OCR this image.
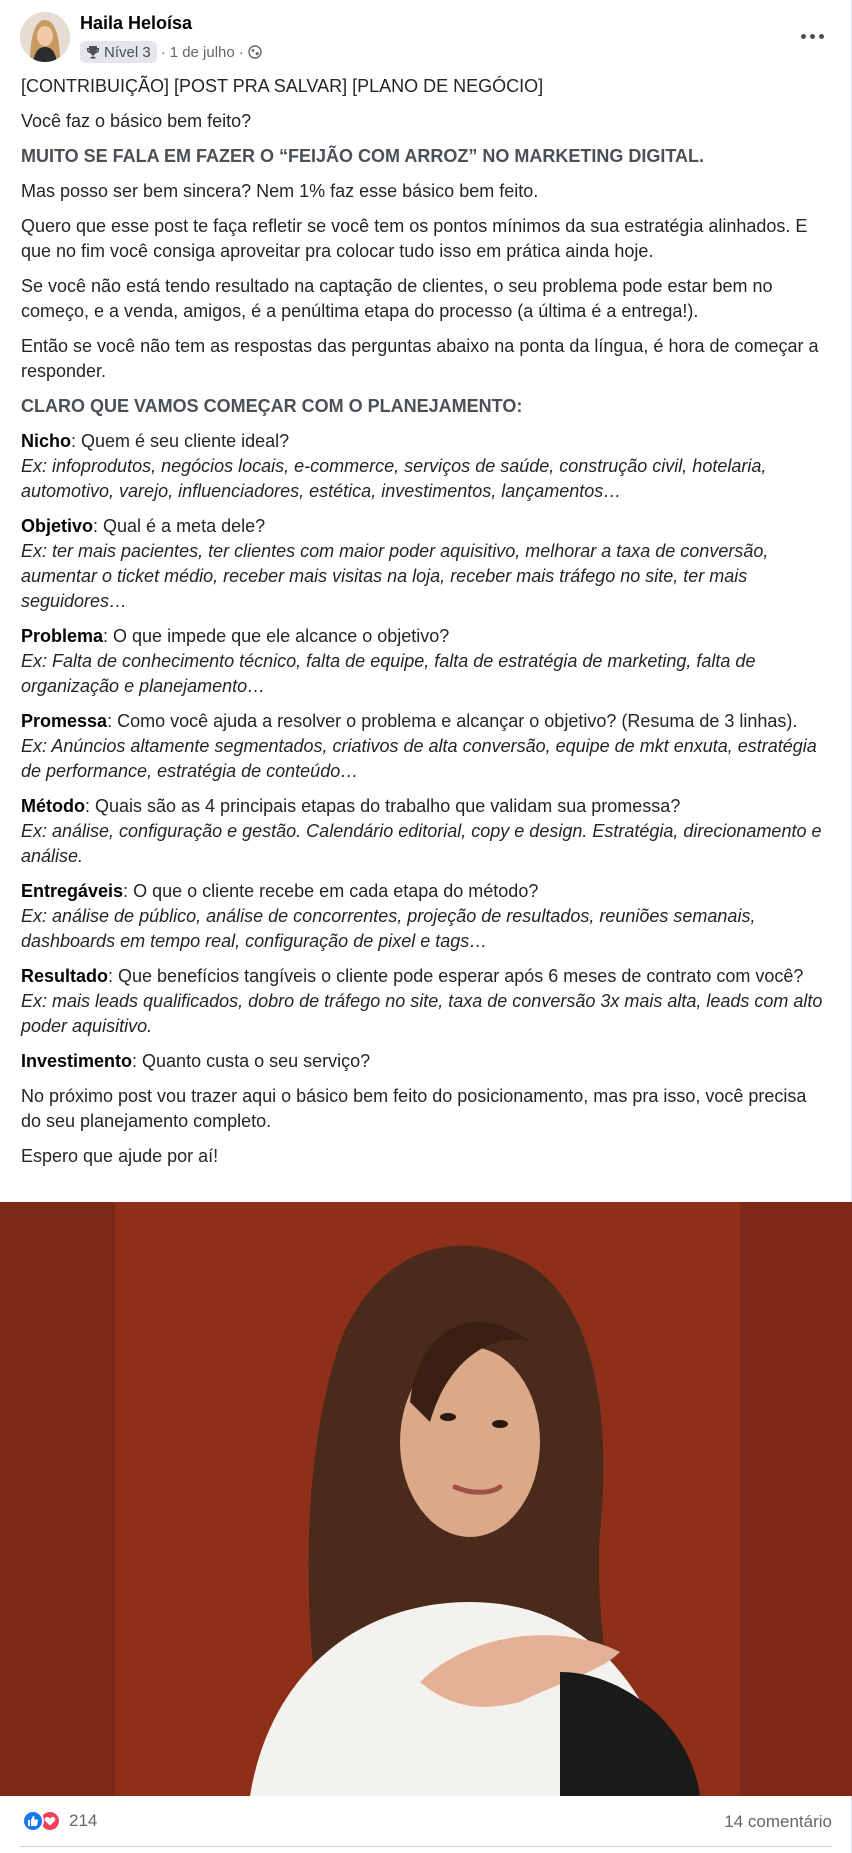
Haila Heloísa
Nível 3 · 1 de julho ·

[CONTRIBUIÇÃO] [POST PRA SALVAR] [PLANO DE NEGÓCIO]

Você faz o básico bem feito?

MUITO SE FALA EM FAZER O “FEIJÃO COM ARROZ” NO MARKETING DIGITAL.

Mas posso ser bem sincera? Nem 1% faz esse básico bem feito.

Quero que esse post te faça refletir se você tem os pontos mínimos da sua estratégia alinhados. E que no fim você consiga aproveitar pra colocar tudo isso em prática ainda hoje.

Se você não está tendo resultado na captação de clientes, o seu problema pode estar bem no começo, e a venda, amigos, é a penúltima etapa do processo (a última é a entrega!).

Então se você não tem as respostas das perguntas abaixo na ponta da língua, é hora de começar a responder.

CLARO QUE VAMOS COMEÇAR COM O PLANEJAMENTO:

Nicho: Quem é seu cliente ideal?
Ex: infoprodutos, negócios locais, e-commerce, serviços de saúde, construção civil, hotelaria, automotivo, varejo, influenciadores, estética, investimentos, lançamentos…

Objetivo: Qual é a meta dele?
Ex: ter mais pacientes, ter clientes com maior poder aquisitivo, melhorar a taxa de conversão, aumentar o ticket médio, receber mais visitas na loja, receber mais tráfego no site, ter mais seguidores…

Problema: O que impede que ele alcance o objetivo?
Ex: Falta de conhecimento técnico, falta de equipe, falta de estratégia de marketing, falta de organização e planejamento…

Promessa: Como você ajuda a resolver o problema e alcançar o objetivo? (Resuma de 3 linhas).
Ex: Anúncios altamente segmentados, criativos de alta conversão, equipe de mkt enxuta, estratégia de performance, estratégia de conteúdo…

Método: Quais são as 4 principais etapas do trabalho que validam sua promessa?
Ex: análise, configuração e gestão. Calendário editorial, copy e design. Estratégia, direcionamento e análise.

Entregáveis: O que o cliente recebe em cada etapa do método?
Ex: análise de público, análise de concorrentes, projeção de resultados, reuniões semanais, dashboards em tempo real, configuração de pixel e tags…

Resultado: Que benefícios tangíveis o cliente pode esperar após 6 meses de contrato com você?
Ex: mais leads qualificados, dobro de tráfego no site, taxa de conversão 3x mais alta, leads com alto poder aquisitivo.

Investimento: Quanto custa o seu serviço?

No próximo post vou trazer aqui o básico bem feito do posicionamento, mas pra isso, você precisa do seu planejamento completo.

Espero que ajude por aí!

214	14 comentário
